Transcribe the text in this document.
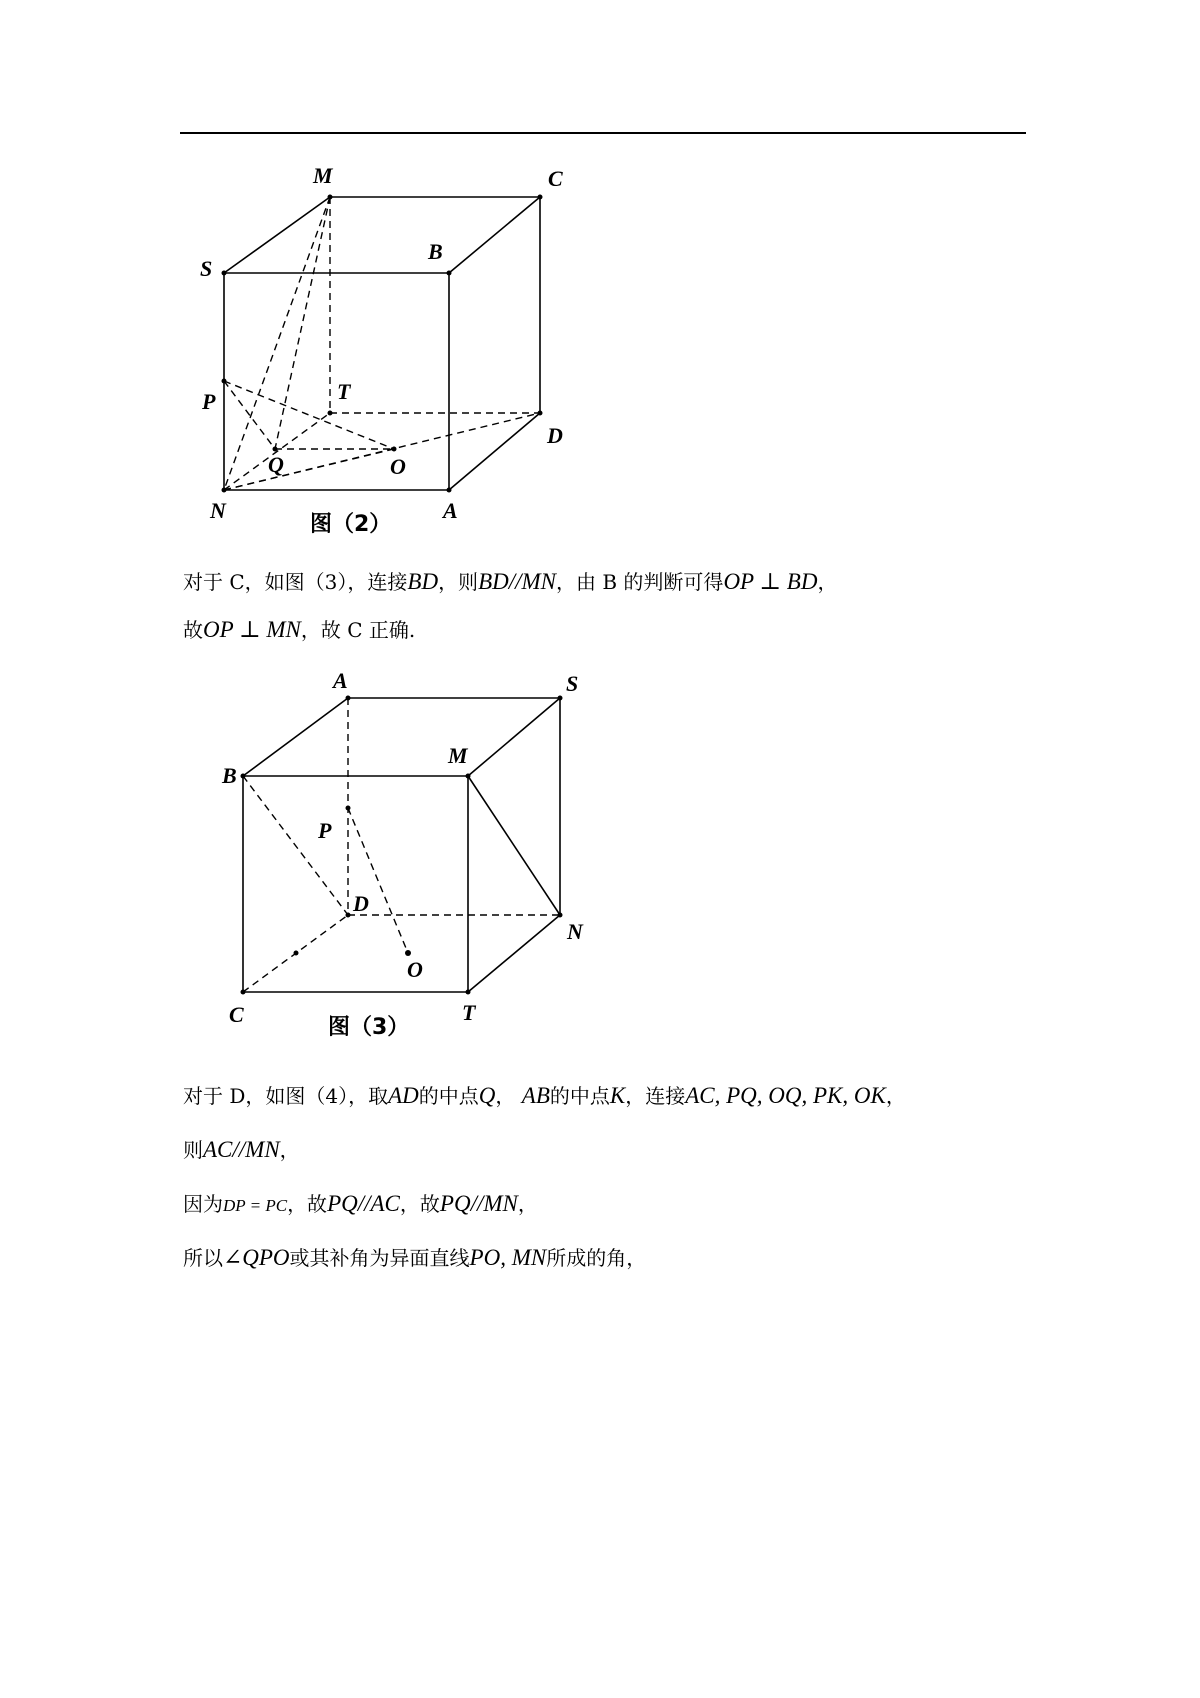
M	C
S
B
P	T
D
Q	O
N	A
图（2）
对于 C，如图（3），连接BD，则BD//MN，由 B 的判断可得OP ⊥ BD，
故OP ⊥ MN，故 C 正确.
A	S
M
B
P
D
N
O
C	T
图（3）
对于 D，如图（4），取AD的中点Q， AB的中点K，连接AC, PQ, OQ, PK, OK，
则AC//MN，
因为DP = PC，故PQ//AC，故PQ//MN，
所以∠QPO或其补角为异面直线PO, MN所成的角，
